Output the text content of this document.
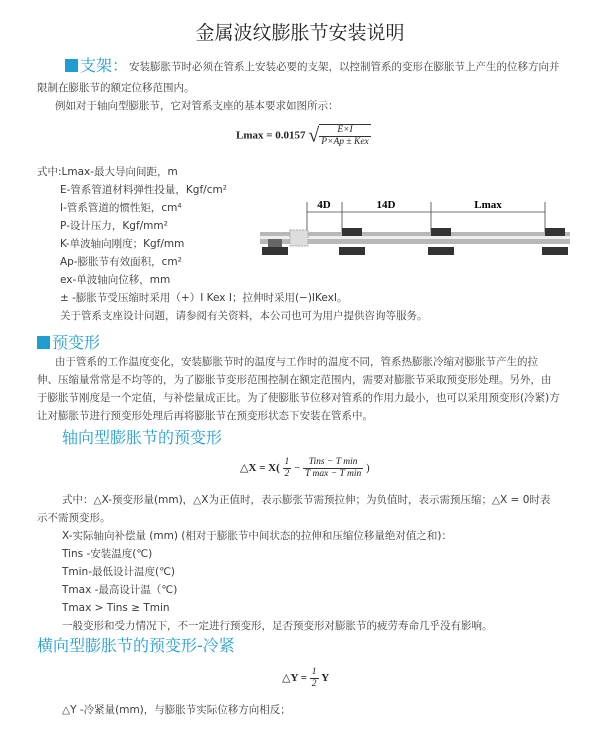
金属波纹膨胀节安装说明
支架： 安装膨胀节时必须在管系上安装必要的支架，以控制管系的变形在膨胀节上产生的位移方向并
限制在膨胀节的额定位移范围内。
例如对于轴向型膨胀节，它对管系支座的基本要求如图所示：
Lmax = 0.0157 √ $\frac{E\times I}{\text{P×Ap ± Kex}}$
式中:Lmax-最大导向间距，m
E-管系管道材料弹性投量，Kgf/cm²
I-管系管道的惯性矩，cm⁴
P-设计压力，Kgf/mm²
K-单波轴向刚度；Kgf/mm
Ap-膨胀节有效面积，cm²
ex-单波轴向位移，mm
± -膨胀节受压缩时采用（+）I Kex I；拉伸时采用(−)IKexI。
关于管系支座设计问题，请参阅有关资料，本公司也可为用户提供咨询等服务。
4D	14D	Lmax
预变形
由于管系的工作温度变化，安装膨胀节时的温度与工作时的温度不同，管系热膨胀冷缩对膨胀节产生的拉
伸、压缩量常常是不均等的，为了膨胀节变形范围控制在额定范围内，需要对膨胀节采取预变形处理。另外，由
于膨胀节刚度是一个定值，与补偿量成正比。为了使膨胀节位移对管系的作用力最小，也可以采用预变形(冷紧)方
让对膨胀节进行预变形处理后再将膨胀节在预变形状态下安装在管系中。
轴向型膨胀节的预变形
△X = $X( \frac{1}{2} - \frac{\text{Tins − T min}}{\text{T max − T min}}$ )
式中：△X-预变形量(mm)，△X为正值时，表示膨张节需预拉伸；为负值时，表示需预压缩；△X = 0时表
示不需预变形。
X-实际轴向补偿量 (mm) (相对于膨胀节中间状态的拉伸和压缩位移量绝对值之和)：
Tins -安装温度(℃)
Tmin-最低设计温度(℃)
Tmax -最高设计温（℃)
Tmax > Tins ≥ Tmin
一般变形和受力情况下，不一定进行预变形，足否预变形对膨胀节的疲劳寿命几乎没有影响。
横向型膨胀节的预变形-冷紧
△Y = $\frac{1}{2}$ Y
△Y -冷紧量(mm)，与膨胀节实际位移方向相反；
